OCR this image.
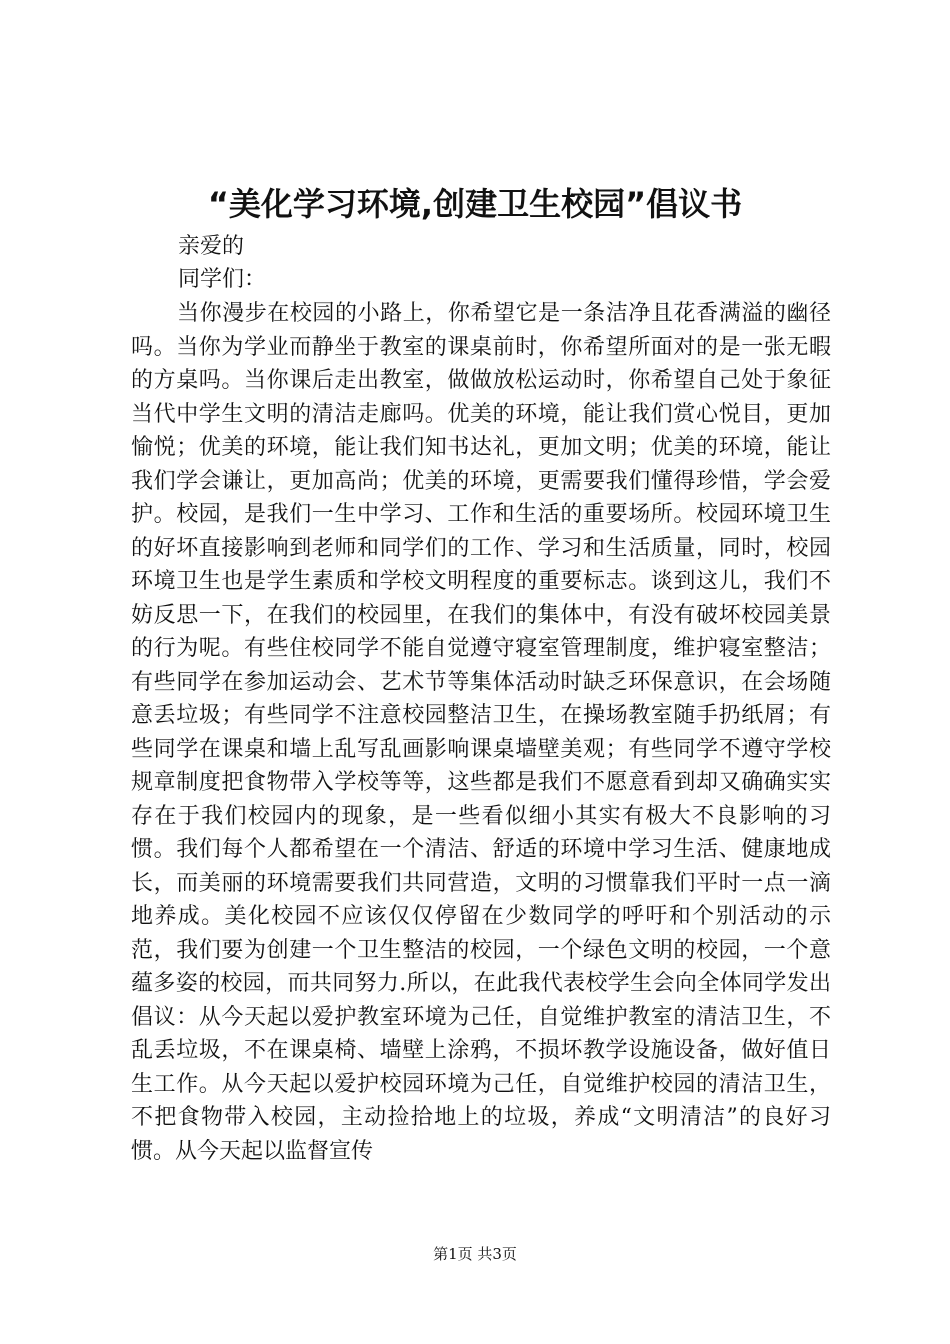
“美化学习环境,创建卫生校园”倡议书

亲爱的

同学们：

当你漫步在校园的小路上，你希望它是一条洁净且花香满溢的幽径吗。当你为学业而静坐于教室的课桌前时，你希望所面对的是一张无暇的方桌吗。当你课后走出教室，做做放松运动时，你希望自己处于象征当代中学生文明的清洁走廊吗。优美的环境，能让我们赏心悦目，更加愉悦；优美的环境，能让我们知书达礼，更加文明；优美的环境，能让我们学会谦让，更加高尚；优美的环境，更需要我们懂得珍惜，学会爱护。校园，是我们一生中学习、工作和生活的重要场所。校园环境卫生的好坏直接影响到老师和同学们的工作、学习和生活质量，同时，校园环境卫生也是学生素质和学校文明程度的重要标志。谈到这儿，我们不妨反思一下，在我们的校园里，在我们的集体中，有没有破坏校园美景的行为呢。有些住校同学不能自觉遵守寝室管理制度，维护寝室整洁；有些同学在参加运动会、艺术节等集体活动时缺乏环保意识，在会场随意丢垃圾；有些同学不注意校园整洁卫生，在操场教室随手扔纸屑；有些同学在课桌和墙上乱写乱画影响课桌墙壁美观；有些同学不遵守学校规章制度把食物带入学校等等，这些都是我们不愿意看到却又确确实实存在于我们校园内的现象，是一些看似细小其实有极大不良影响的习惯。我们每个人都希望在一个清洁、舒适的环境中学习生活、健康地成长，而美丽的环境需要我们共同营造，文明的习惯靠我们平时一点一滴地养成。美化校园不应该仅仅停留在少数同学的呼吁和个别活动的示范，我们要为创建一个卫生整洁的校园，一个绿色文明的校园，一个意蕴多姿的校园，而共同努力.所以，在此我代表校学生会向全体同学发出倡议：从今天起以爱护教室环境为己任，自觉维护教室的清洁卫生，不乱丢垃圾，不在课桌椅、墙壁上涂鸦，不损坏教学设施设备，做好值日生工作。从今天起以爱护校园环境为己任，自觉维护校园的清洁卫生，不把食物带入校园，主动捡拾地上的垃圾，养成“文明清洁”的良好习惯。从今天起以监督宣传

第1页 共3页
